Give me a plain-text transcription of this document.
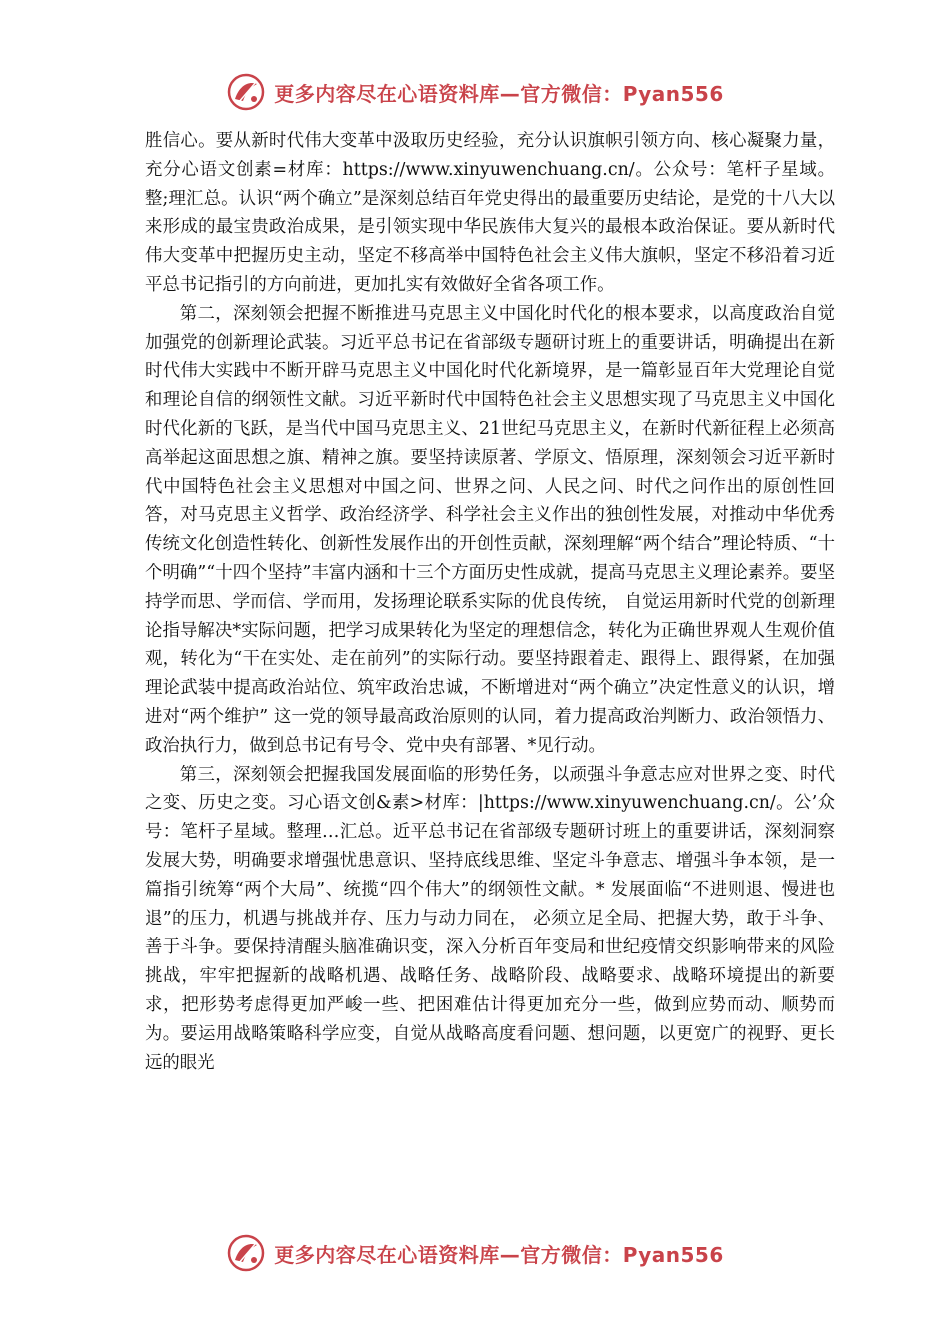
更多内容尽在心语资料库—官方微信：Pyan556

胜信心。要从新时代伟大变革中汲取历史经验，充分认识旗帜引领方向、核心凝聚力量，充分心语文创素=材库：https://www.xinyuwenchuang.cn/。公众号：笔杆子星域。整;理汇总。认识“两个确立”是深刻总结百年党史得出的最重要历史结论，是党的十八大以来形成的最宝贵政治成果，是引领实现中华民族伟大复兴的最根本政治保证。要从新时代伟大变革中把握历史主动，坚定不移高举中国特色社会主义伟大旗帜，坚定不移沿着习近平总书记指引的方向前进，更加扎实有效做好全省各项工作。

第二，深刻领会把握不断推进马克思主义中国化时代化的根本要求，以高度政治自觉加强党的创新理论武装。习近平总书记在省部级专题研讨班上的重要讲话，明确提出在新时代伟大实践中不断开辟马克思主义中国化时代化新境界，是一篇彰显百年大党理论自觉和理论自信的纲领性文献。习近平新时代中国特色社会主义思想实现了马克思主义中国化时代化新的飞跃，是当代中国马克思主义、21世纪马克思主义，在新时代新征程上必须高高举起这面思想之旗、精神之旗。要坚持读原著、学原文、悟原理，深刻领会习近平新时代中国特色社会主义思想对中国之问、世界之问、人民之问、时代之问作出的原创性回答，对马克思主义哲学、政治经济学、科学社会主义作出的独创性发展，对推动中华优秀传统文化创造性转化、创新性发展作出的开创性贡献，深刻理解“两个结合”理论特质、“十个明确”“十四个坚持”丰富内涵和十三个方面历史性成就，提高马克思主义理论素养。要坚持学而思、学而信、学而用，发扬理论联系实际的优良传统， 自觉运用新时代党的创新理论指导解决*实际问题，把学习成果转化为坚定的理想信念，转化为正确世界观人生观价值观，转化为“干在实处、走在前列”的实际行动。要坚持跟着走、跟得上、跟得紧，在加强理论武装中提高政治站位、筑牢政治忠诚，不断增进对“两个确立”决定性意义的认识，增进对“两个维护” 这一党的领导最高政治原则的认同，着力提高政治判断力、政治领悟力、政治执行力，做到总书记有号令、党中央有部署、*见行动。

第三，深刻领会把握我国发展面临的形势任务，以顽强斗争意志应对世界之变、时代之变、历史之变。习心语文创&素>材库：|https://www.xinyuwenchuang.cn/。公’众号：笔杆子星域。整理…汇总。近平总书记在省部级专题研讨班上的重要讲话，深刻洞察发展大势，明确要求增强忧患意识、坚持底线思维、坚定斗争意志、增强斗争本领，是一篇指引统筹“两个大局”、统揽“四个伟大”的纲领性文献。* 发展面临“不进则退、慢进也退”的压力，机遇与挑战并存、压力与动力同在， 必须立足全局、把握大势，敢于斗争、善于斗争。要保持清醒头脑准确识变，深入分析百年变局和世纪疫情交织影响带来的风险挑战，牢牢把握新的战略机遇、战略任务、战略阶段、战略要求、战略环境提出的新要求，把形势考虑得更加严峻一些、把困难估计得更加充分一些，做到应势而动、顺势而为。要运用战略策略科学应变，自觉从战略高度看问题、想问题，以更宽广的视野、更长远的眼光

更多内容尽在心语资料库—官方微信：Pyan556
